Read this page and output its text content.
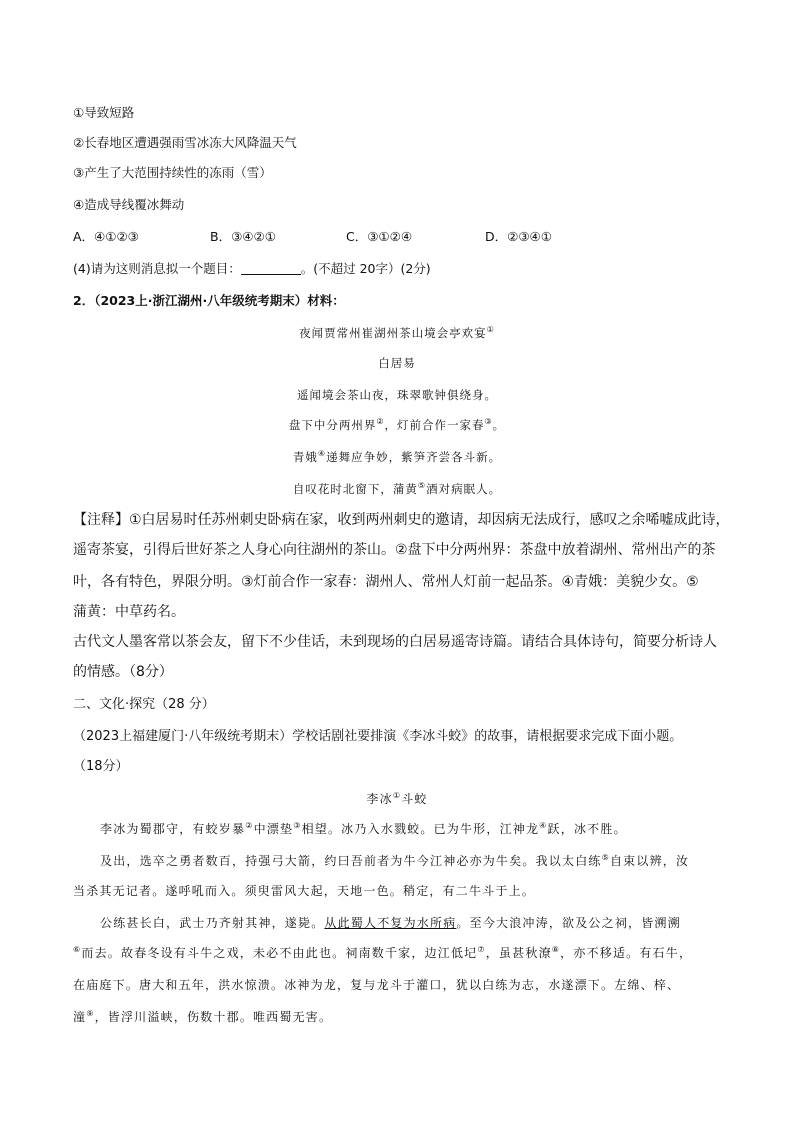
①导致短路
②长春地区遭遇强雨雪冰冻大风降温天气
③产生了大范围持续性的冻雨（雪）
④造成导线覆冰舞动
A．④①②③	B．③④②①	C．③①②④	D．②③④①
(4)请为这则消息拟一个题目：	。(不超过 20字）(2分)
2．（2023上·浙江湖州·八年级统考期末）材料：
夜闻贾常州崔湖州茶山境会亭欢宴①
白居易
遥闻境会茶山夜，珠翠歌钟俱绕身。
盘下中分两州界②，灯前合作一家春③。
青娥④递舞应争妙，紫笋齐尝各斗新。
自叹花时北窗下，蒲黄⑤酒对病眠人。
【注释】①白居易时任苏州刺史卧病在家，收到两州刺史的邀请，却因病无法成行，感叹之余唏嘘成此诗，
遥寄茶宴，引得后世好茶之人身心向往湖州的茶山。②盘下中分两州界：茶盘中放着湖州、常州出产的茶
叶，各有特色，界限分明。③灯前合作一家春：湖州人、常州人灯前一起品茶。④青娥：美貌少女。⑤
蒲黄：中草药名。
古代文人墨客常以茶会友，留下不少佳话，未到现场的白居易遥寄诗篇。请结合具体诗句，简要分析诗人
的情感。（8分）
二、文化·探究（28 分）
（2023上福建厦门·八年级统考期末）学校话剧社要排演《李冰斗蛟》的故事，请根据要求完成下面小题。
（18分）
李冰①斗蛟
李冰为蜀郡守，有蛟岁暴②中漂垫③相望。冰乃入水戮蛟。已为牛形，江神龙④跃，冰不胜。
及出，选卒之勇者数百，持强弓大箭，约曰吾前者为牛今江神必亦为牛矣。我以太白练⑤自束以辨，汝
当杀其无记者。遂呼吼而入。须臾雷风大起，天地一色。稍定，有二牛斗于上。
公练甚长白，武士乃齐射其神，遂毙。从此蜀人不复为水所病。至今大浪冲涛，欲及公之祠，皆溯溯
⑥而去。故春冬设有斗牛之戏，未必不由此也。祠南数千家，边江低圮⑦，虽甚秋潦⑧，亦不移适。有石牛，
在庙庭下。唐大和五年，洪水惊溃。冰神为龙，复与龙斗于灌口，犹以白练为志，水遂漂下。左绵、梓、
潼⑨，皆浮川溢峡，伤数十郡。唯西蜀无害。
